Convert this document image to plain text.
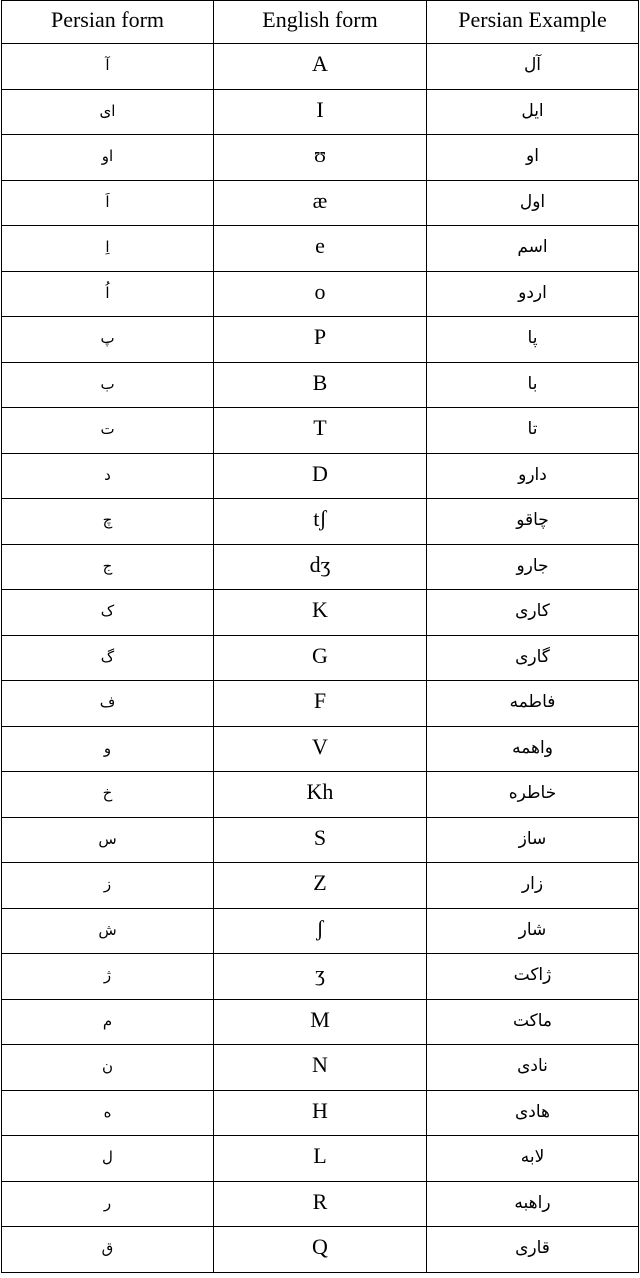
Persian form	English form	Persian Example
آ	A	آل
ای	I	ایل
او	ʊ	او
اَ	æ	اول
اِ	e	اسم
اُ	o	اردو
پ	P	پا
ب	B	با
ت	T	تا
د	D	دارو
چ	tʃ	چاقو
ج	dʒ	جارو
ک	K	کاری
گ	G	گاری
ف	F	فاطمه
و	V	واهمه
خ	Kh	خاطره
س	S	ساز
ز	Z	زار
ش	ʃ	شار
ژ	ʒ	ژاکت
م	M	ماکت
ن	N	نادی
ه	H	هادی
ل	L	لابه
ر	R	راهبه
ق	Q	قاری
